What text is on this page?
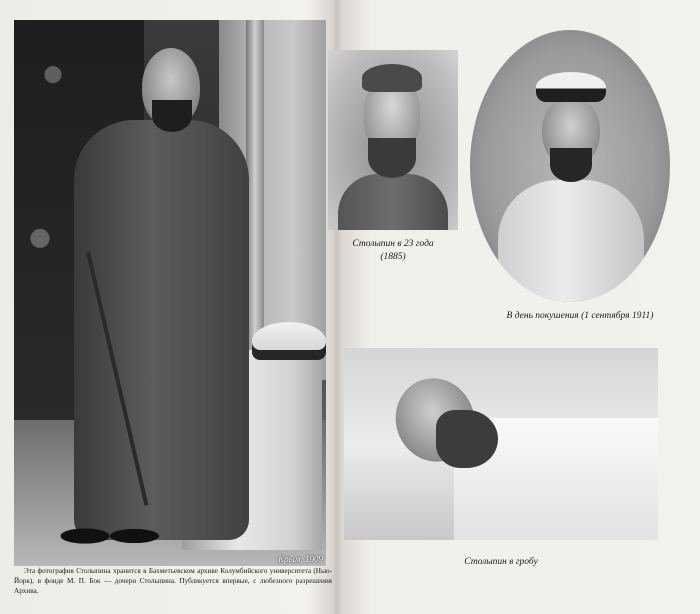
Крым, 1909
Столыпин в 23 года
(1885)
В день покушения (1 сентября 1911)
Столыпин в гробу
Эта фотография Столыпина хранится в Бахметьевском архиве Колумбийского университета (Нью-Йорк), в фонде М. П. Бок — дочери Столыпина. Публикуется впервые, с любезного разрешения Архива.
